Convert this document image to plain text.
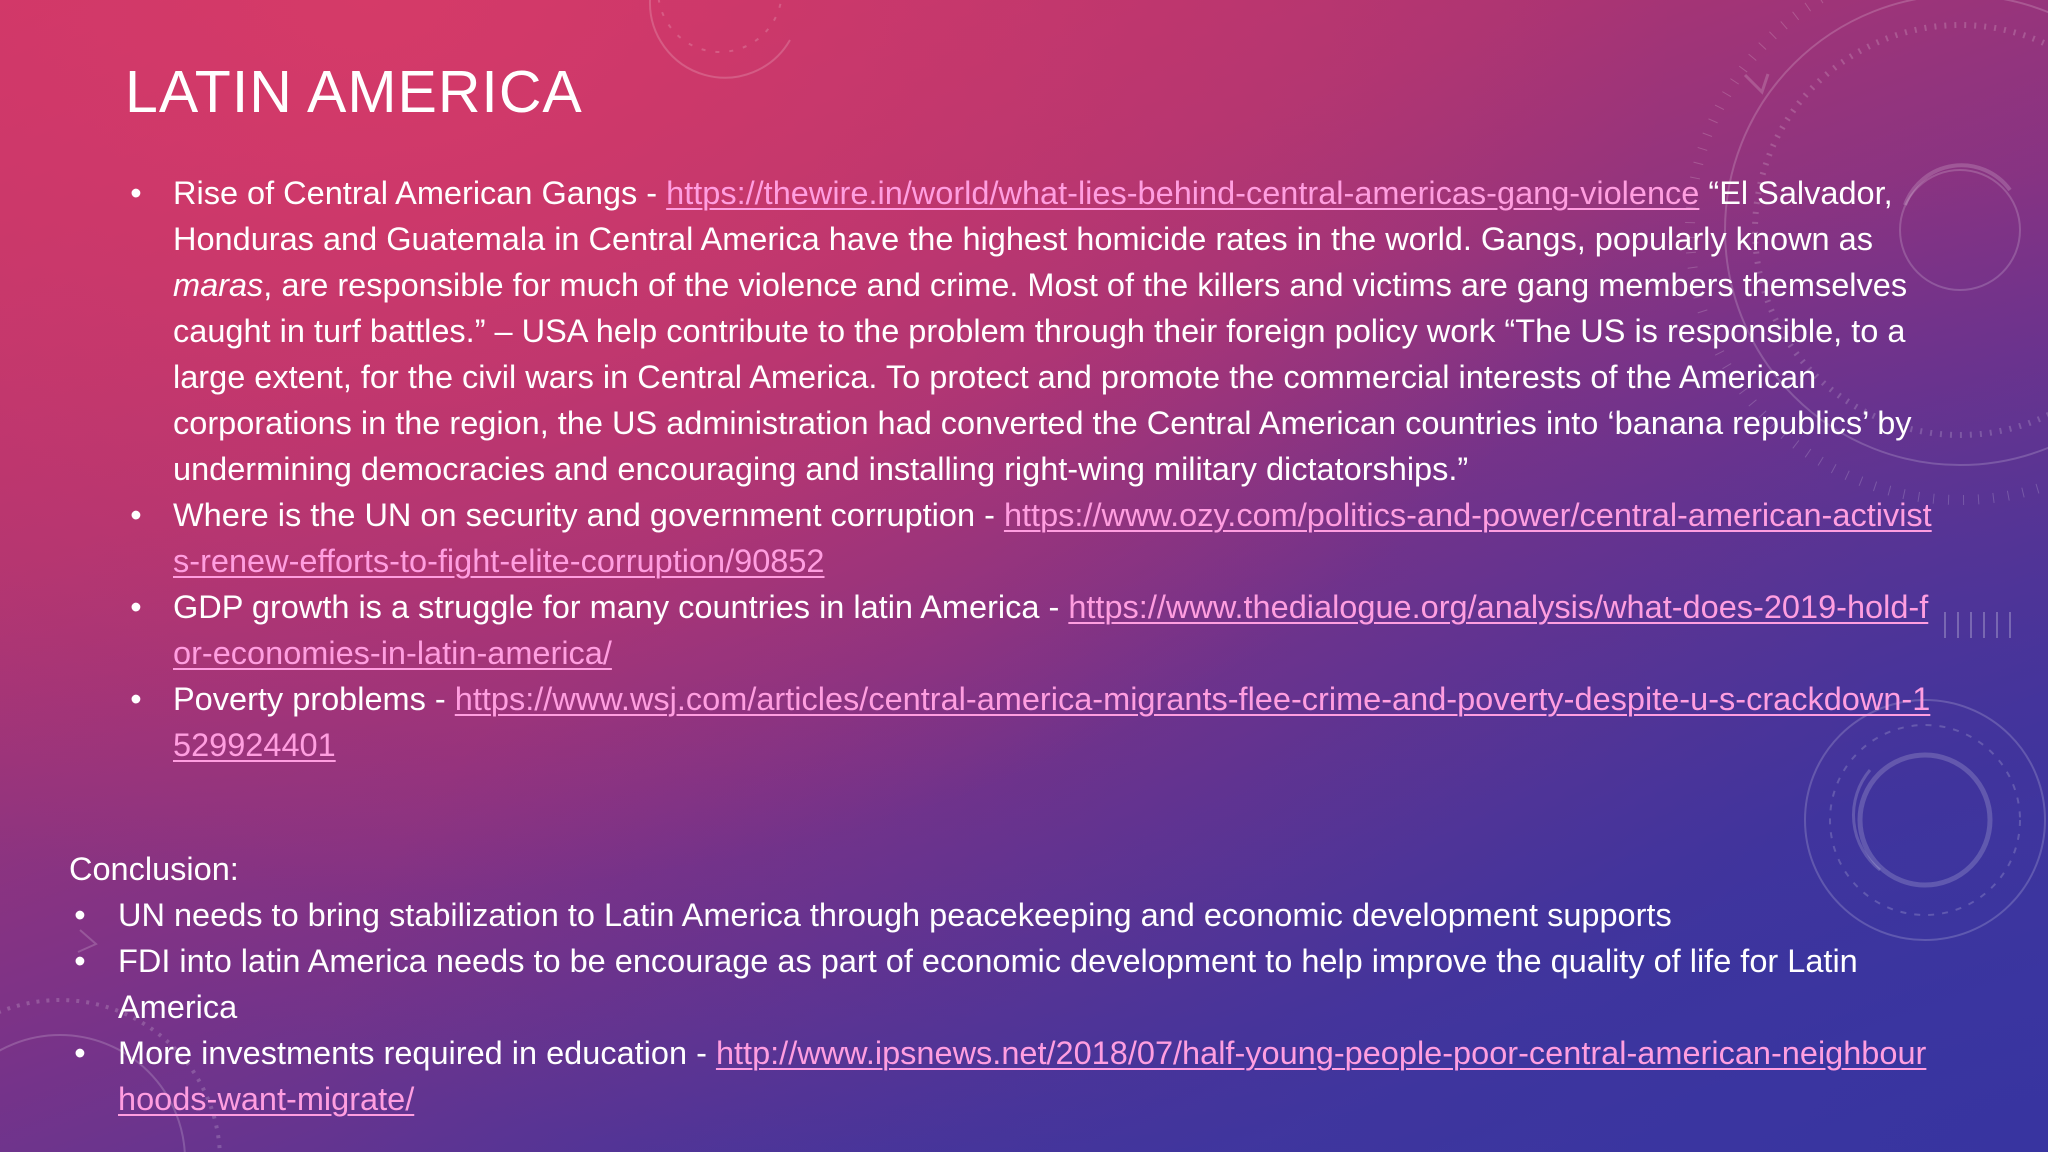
LATIN AMERICA
• Rise of Central American Gangs - https://thewire.in/world/what-lies-behind-central-americas-gang-violence “El Salvador, Honduras and Guatemala in Central America have the highest homicide rates in the world. Gangs, popularly known as maras, are responsible for much of the violence and crime. Most of the killers and victims are gang members themselves caught in turf battles.” – USA help contribute to the problem through their foreign policy work “The US is responsible, to a large extent, for the civil wars in Central America. To protect and promote the commercial interests of the American corporations in the region, the US administration had converted the Central American countries into ‘banana republics’ by undermining democracies and encouraging and installing right-wing military dictatorships.”
• Where is the UN on security and government corruption - https://www.ozy.com/politics-and-power/central-american-activists-renew-efforts-to-fight-elite-corruption/90852
• GDP growth is a struggle for many countries in latin America - https://www.thedialogue.org/analysis/what-does-2019-hold-for-economies-in-latin-america/
• Poverty problems - https://www.wsj.com/articles/central-america-migrants-flee-crime-and-poverty-despite-u-s-crackdown-1529924401
Conclusion:
• UN needs to bring stabilization to Latin America through peacekeeping and economic development supports
• FDI into latin America needs to be encourage as part of economic development to help improve the quality of life for Latin America
• More investments required in education - http://www.ipsnews.net/2018/07/half-young-people-poor-central-american-neighbourhoods-want-migrate/
